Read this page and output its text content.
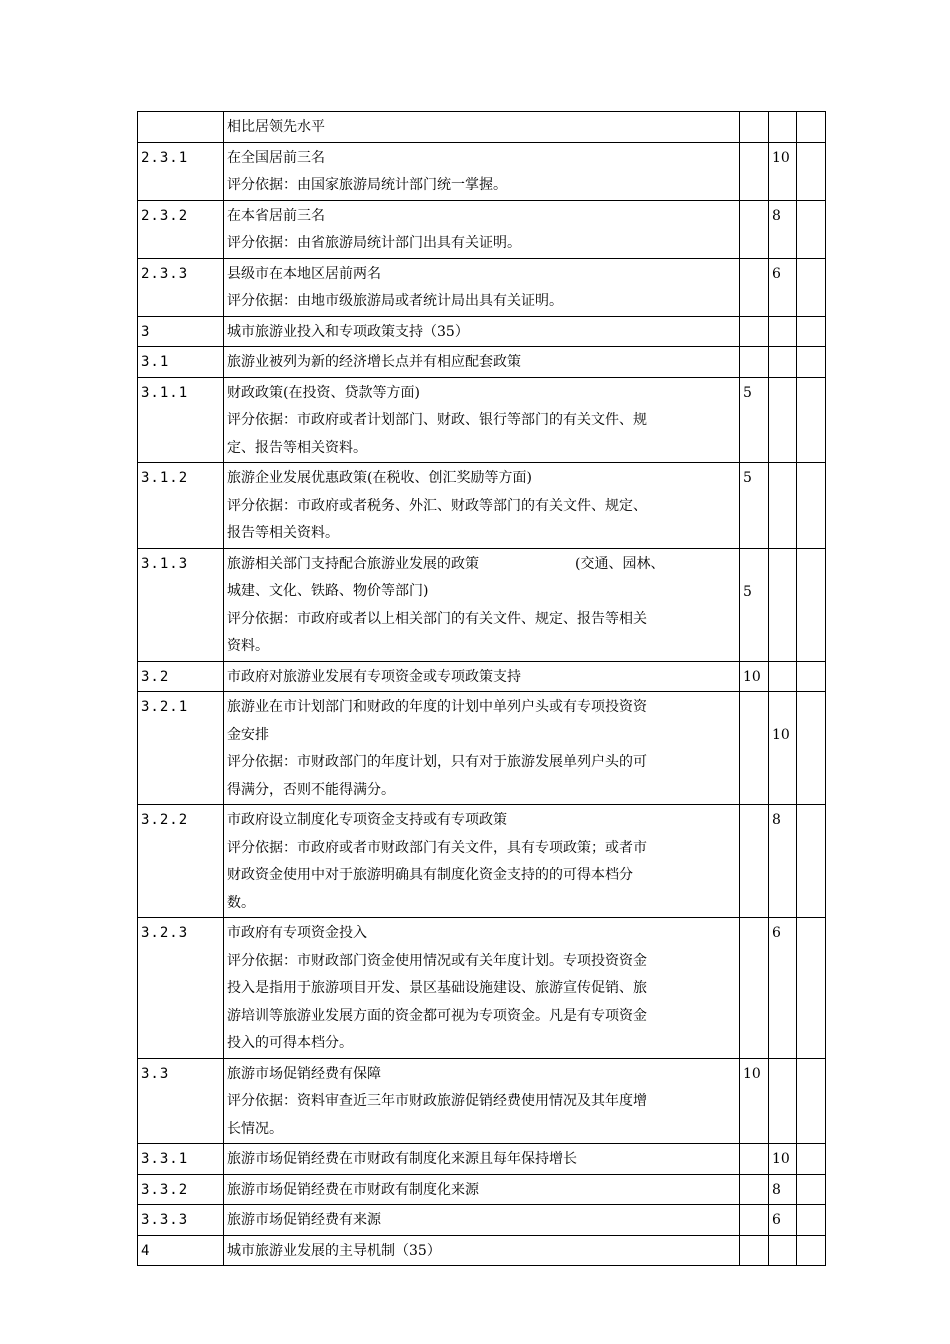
	相比居领先水平			

2.3.1	在全国居前三名
评分依据：由国家旅游局统计部门统一掌握。		10	

2.3.2	在本省居前三名
评分依据：由省旅游局统计部门出具有关证明。		8	

2.3.3	县级市在本地区居前两名
评分依据：由地市级旅游局或者统计局出具有关证明。		6	

3	城市旅游业投入和专项政策支持（35）			

3.1	旅游业被列为新的经济增长点并有相应配套政策			

3.1.1	财政政策(在投资、贷款等方面)
评分依据：市政府或者计划部门、财政、银行等部门的有关文件、规
定、报告等相关资料。	5		

3.1.2	旅游企业发展优惠政策(在税收、创汇奖励等方面)
评分依据：市政府或者税务、外汇、财政等部门的有关文件、规定、
报告等相关资料。	5		

3.1.3	旅游相关部门支持配合旅游业发展的政策 (交通、园林、
城建、文化、铁路、物价等部门)
评分依据：市政府或者以上相关部门的有关文件、规定、报告等相关
资料。	5		

3.2	市政府对旅游业发展有专项资金或专项政策支持	10		

3.2.1	旅游业在市计划部门和财政的年度的计划中单列户头或有专项投资资
金安排
评分依据：市财政部门的年度计划，只有对于旅游发展单列户头的可
得满分，否则不能得满分。		10	

3.2.2	市政府设立制度化专项资金支持或有专项政策
评分依据：市政府或者市财政部门有关文件，具有专项政策；或者市
财政资金使用中对于旅游明确具有制度化资金支持的的可得本档分
数。		8	

3.2.3	市政府有专项资金投入
评分依据：市财政部门资金使用情况或有关年度计划。专项投资资金
投入是指用于旅游项目开发、景区基础设施建设、旅游宣传促销、旅
游培训等旅游业发展方面的资金都可视为专项资金。凡是有专项资金
投入的可得本档分。		6	

3.3	旅游市场促销经费有保障
评分依据：资料审查近三年市财政旅游促销经费使用情况及其年度增
长情况。	10		

3.3.1	旅游市场促销经费在市财政有制度化来源且每年保持增长		10	

3.3.2	旅游市场促销经费在市财政有制度化来源		8	

3.3.3	旅游市场促销经费有来源		6	

4	城市旅游业发展的主导机制（35）			
